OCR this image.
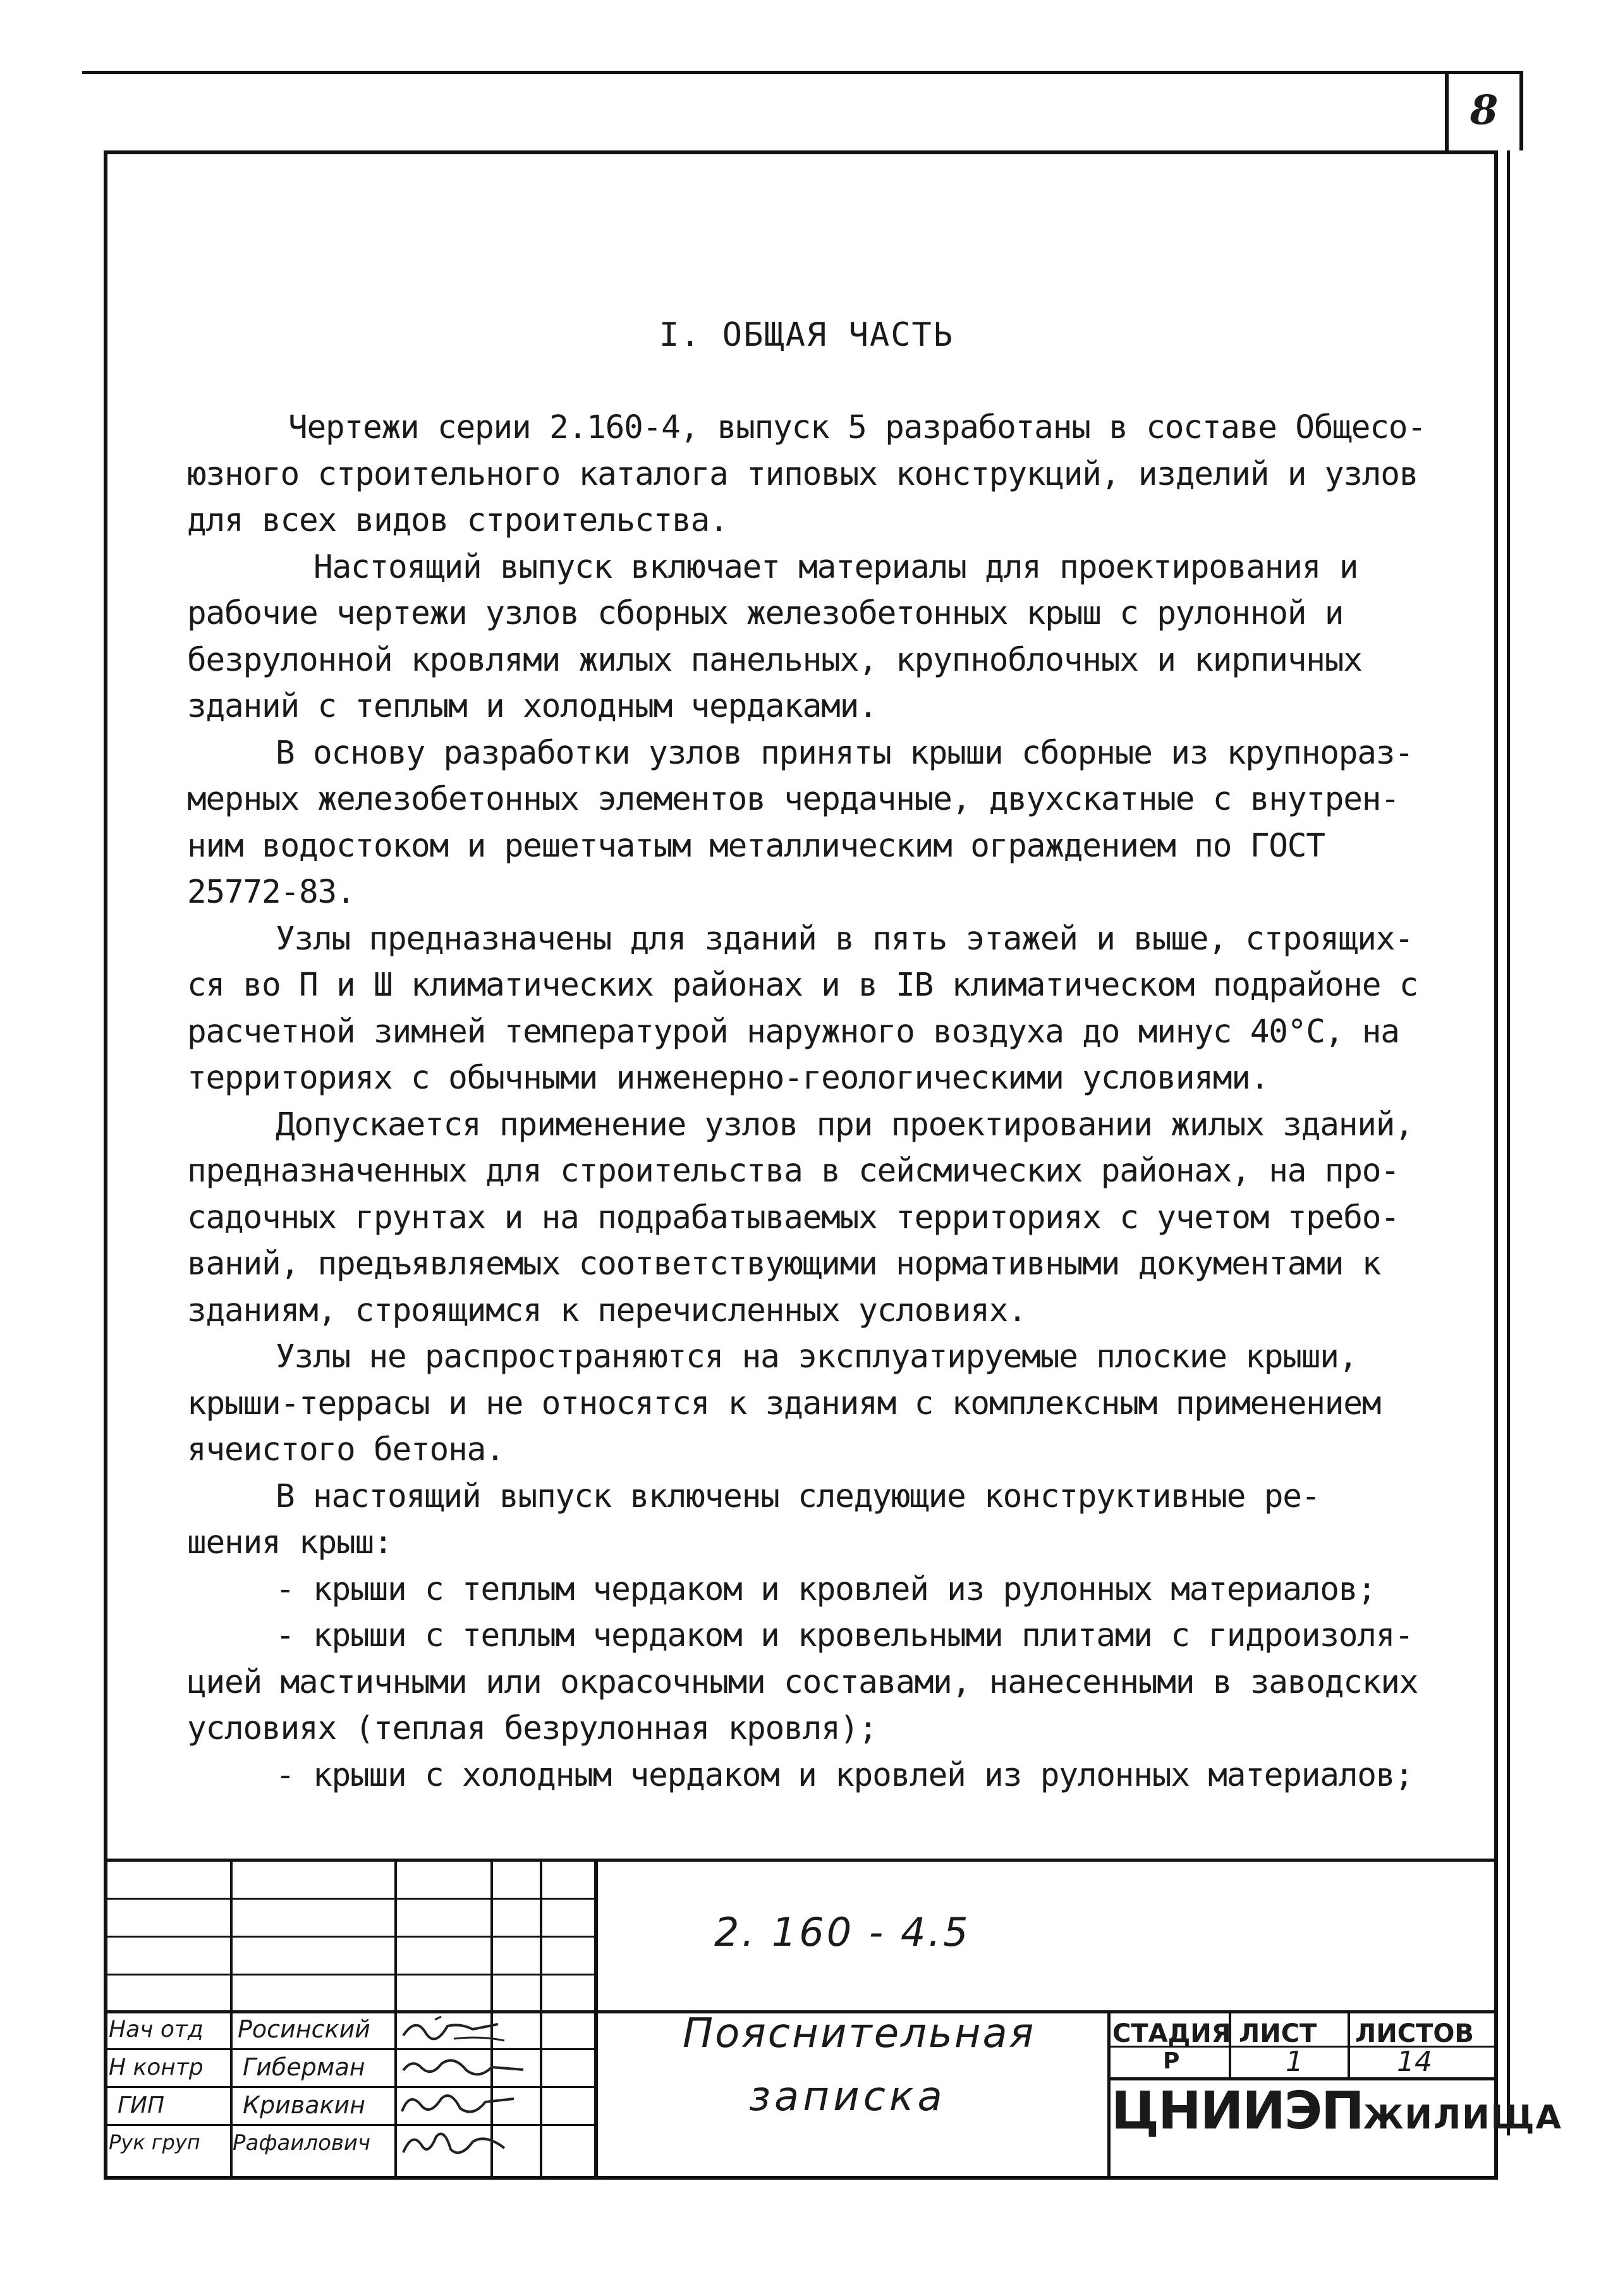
8
I. ОБЩАЯ ЧАСТЬ
Чертежи серии 2.160-4, выпуск 5 разработаны в составе Общесо-
юзного строительного каталога типовых конструкций, изделий и узлов
для всех видов строительства.
Настоящий выпуск включает материалы для проектирования и
рабочие чертежи узлов сборных железобетонных крыш с рулонной и
безрулонной кровлями жилых панельных, крупноблочных и кирпичных
зданий с теплым и холодным чердаками.
В основу разработки узлов приняты крыши сборные из крупнораз-
мерных железобетонных элементов чердачные, двухскатные с внутрен-
ним водостоком и решетчатым металлическим ограждением по ГОСТ
25772-83.
Узлы предназначены для зданий в пять этажей и выше, строящих-
ся во П и Ш климатических районах и в IВ климатическом подрайоне с
расчетной зимней температурой наружного воздуха до минус 40°С, на
территориях с обычными инженерно-геологическими условиями.
Допускается применение узлов при проектировании жилых зданий,
предназначенных для строительства в сейсмических районах, на про-
садочных грунтах и на подрабатываемых территориях с учетом требо-
ваний, предъявляемых соответствующими нормативными документами к
зданиям, строящимся к перечисленных условиях.
Узлы не распространяются на эксплуатируемые плоские крыши,
крыши-террасы и не относятся к зданиям с комплексным применением
ячеистого бетона.
В настоящий выпуск включены следующие конструктивные ре-
шения крыш:
- крыши с теплым чердаком и кровлей из рулонных материалов;
- крыши с теплым чердаком и кровельными плитами с гидроизоля-
цией мастичными или окрасочными составами, нанесенными в заводских
условиях (теплая безрулонная кровля);
- крыши с холодным чердаком и кровлей из рулонных материалов;
2. 160 - 4.5
Пояснительная
записка
СТАДИЯ ЛИСТ ЛИСТОВ
Р	1	14
ЦНИИЭПЖИЛИЩА
Нач отд
Н контр
ГИП
Рук груп
Росинский
Гиберман
Кривакин
Рафаилович
